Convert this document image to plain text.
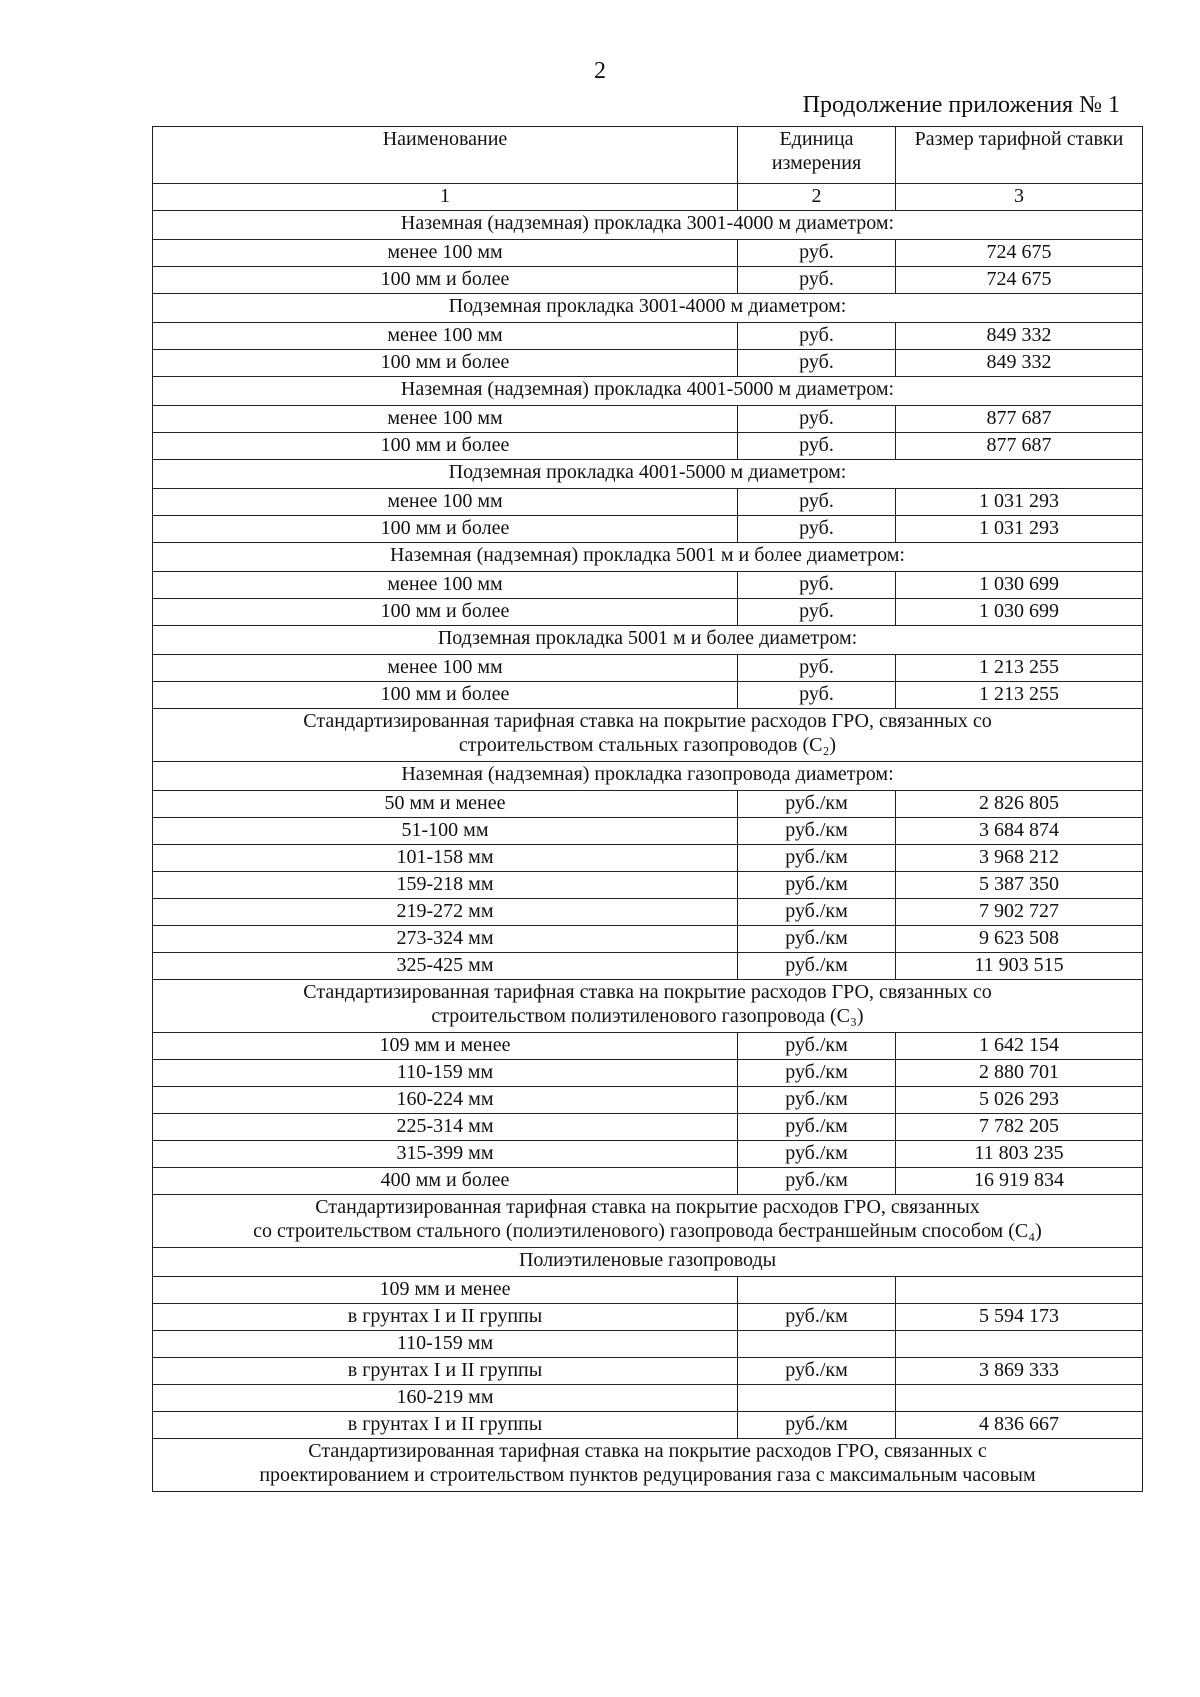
2
Продолжение приложения № 1
Наименование	Единица измерения	Размер тарифной ставки
1	2	3
Наземная (надземная) прокладка 3001-4000 м диаметром:		
менее 100 мм	руб.	724 675
100 мм и более	руб.	724 675
Подземная прокладка 3001-4000 м диаметром:		
менее 100 мм	руб.	849 332
100 мм и более	руб.	849 332
Наземная (надземная) прокладка 4001-5000 м диаметром:		
менее 100 мм	руб.	877 687
100 мм и более	руб.	877 687
Подземная прокладка 4001-5000 м диаметром:		
менее 100 мм	руб.	1 031 293
100 мм и более	руб.	1 031 293
Наземная (надземная) прокладка 5001 м и более диаметром:		
менее 100 мм	руб.	1 030 699
100 мм и более	руб.	1 030 699
Подземная прокладка 5001 м и более диаметром:		
менее 100 мм	руб.	1 213 255
100 мм и более	руб.	1 213 255

Стандартизированная тарифная ставка на покрытие расходов ГРО, связанных со
строительством стальных газопроводов (С₂)		

Наземная (надземная) прокладка газопровода диаметром:		
50 мм и менее	руб./км	2 826 805
51-100 мм	руб./км	3 684 874
101-158 мм	руб./км	3 968 212
159-218 мм	руб./км	5 387 350
219-272 мм	руб./км	7 902 727
273-324 мм	руб./км	9 623 508
325-425 мм	руб./км	11 903 515

Стандартизированная тарифная ставка на покрытие расходов ГРО, связанных со
строительством полиэтиленового газопровода (С₃)		

109 мм и менее	руб./км	1 642 154
110-159 мм	руб./км	2 880 701
160-224 мм	руб./км	5 026 293
225-314 мм	руб./км	7 782 205
315-399 мм	руб./км	11 803 235
400 мм и более	руб./км	16 919 834

Стандартизированная тарифная ставка на покрытие расходов ГРО, связанных
со строительством стального (полиэтиленового) газопровода бестраншейным способом (С₄)		

Полиэтиленовые газопроводы		
109 мм и менее		
в грунтах I и II группы	руб./км	5 594 173
110-159 мм		
в грунтах I и II группы	руб./км	3 869 333
160-219 мм		
в грунтах I и II группы	руб./км	4 836 667

Стандартизированная тарифная ставка на покрытие расходов ГРО, связанных с
проектированием и строительством пунктов редуцирования газа с максимальным часовым		
